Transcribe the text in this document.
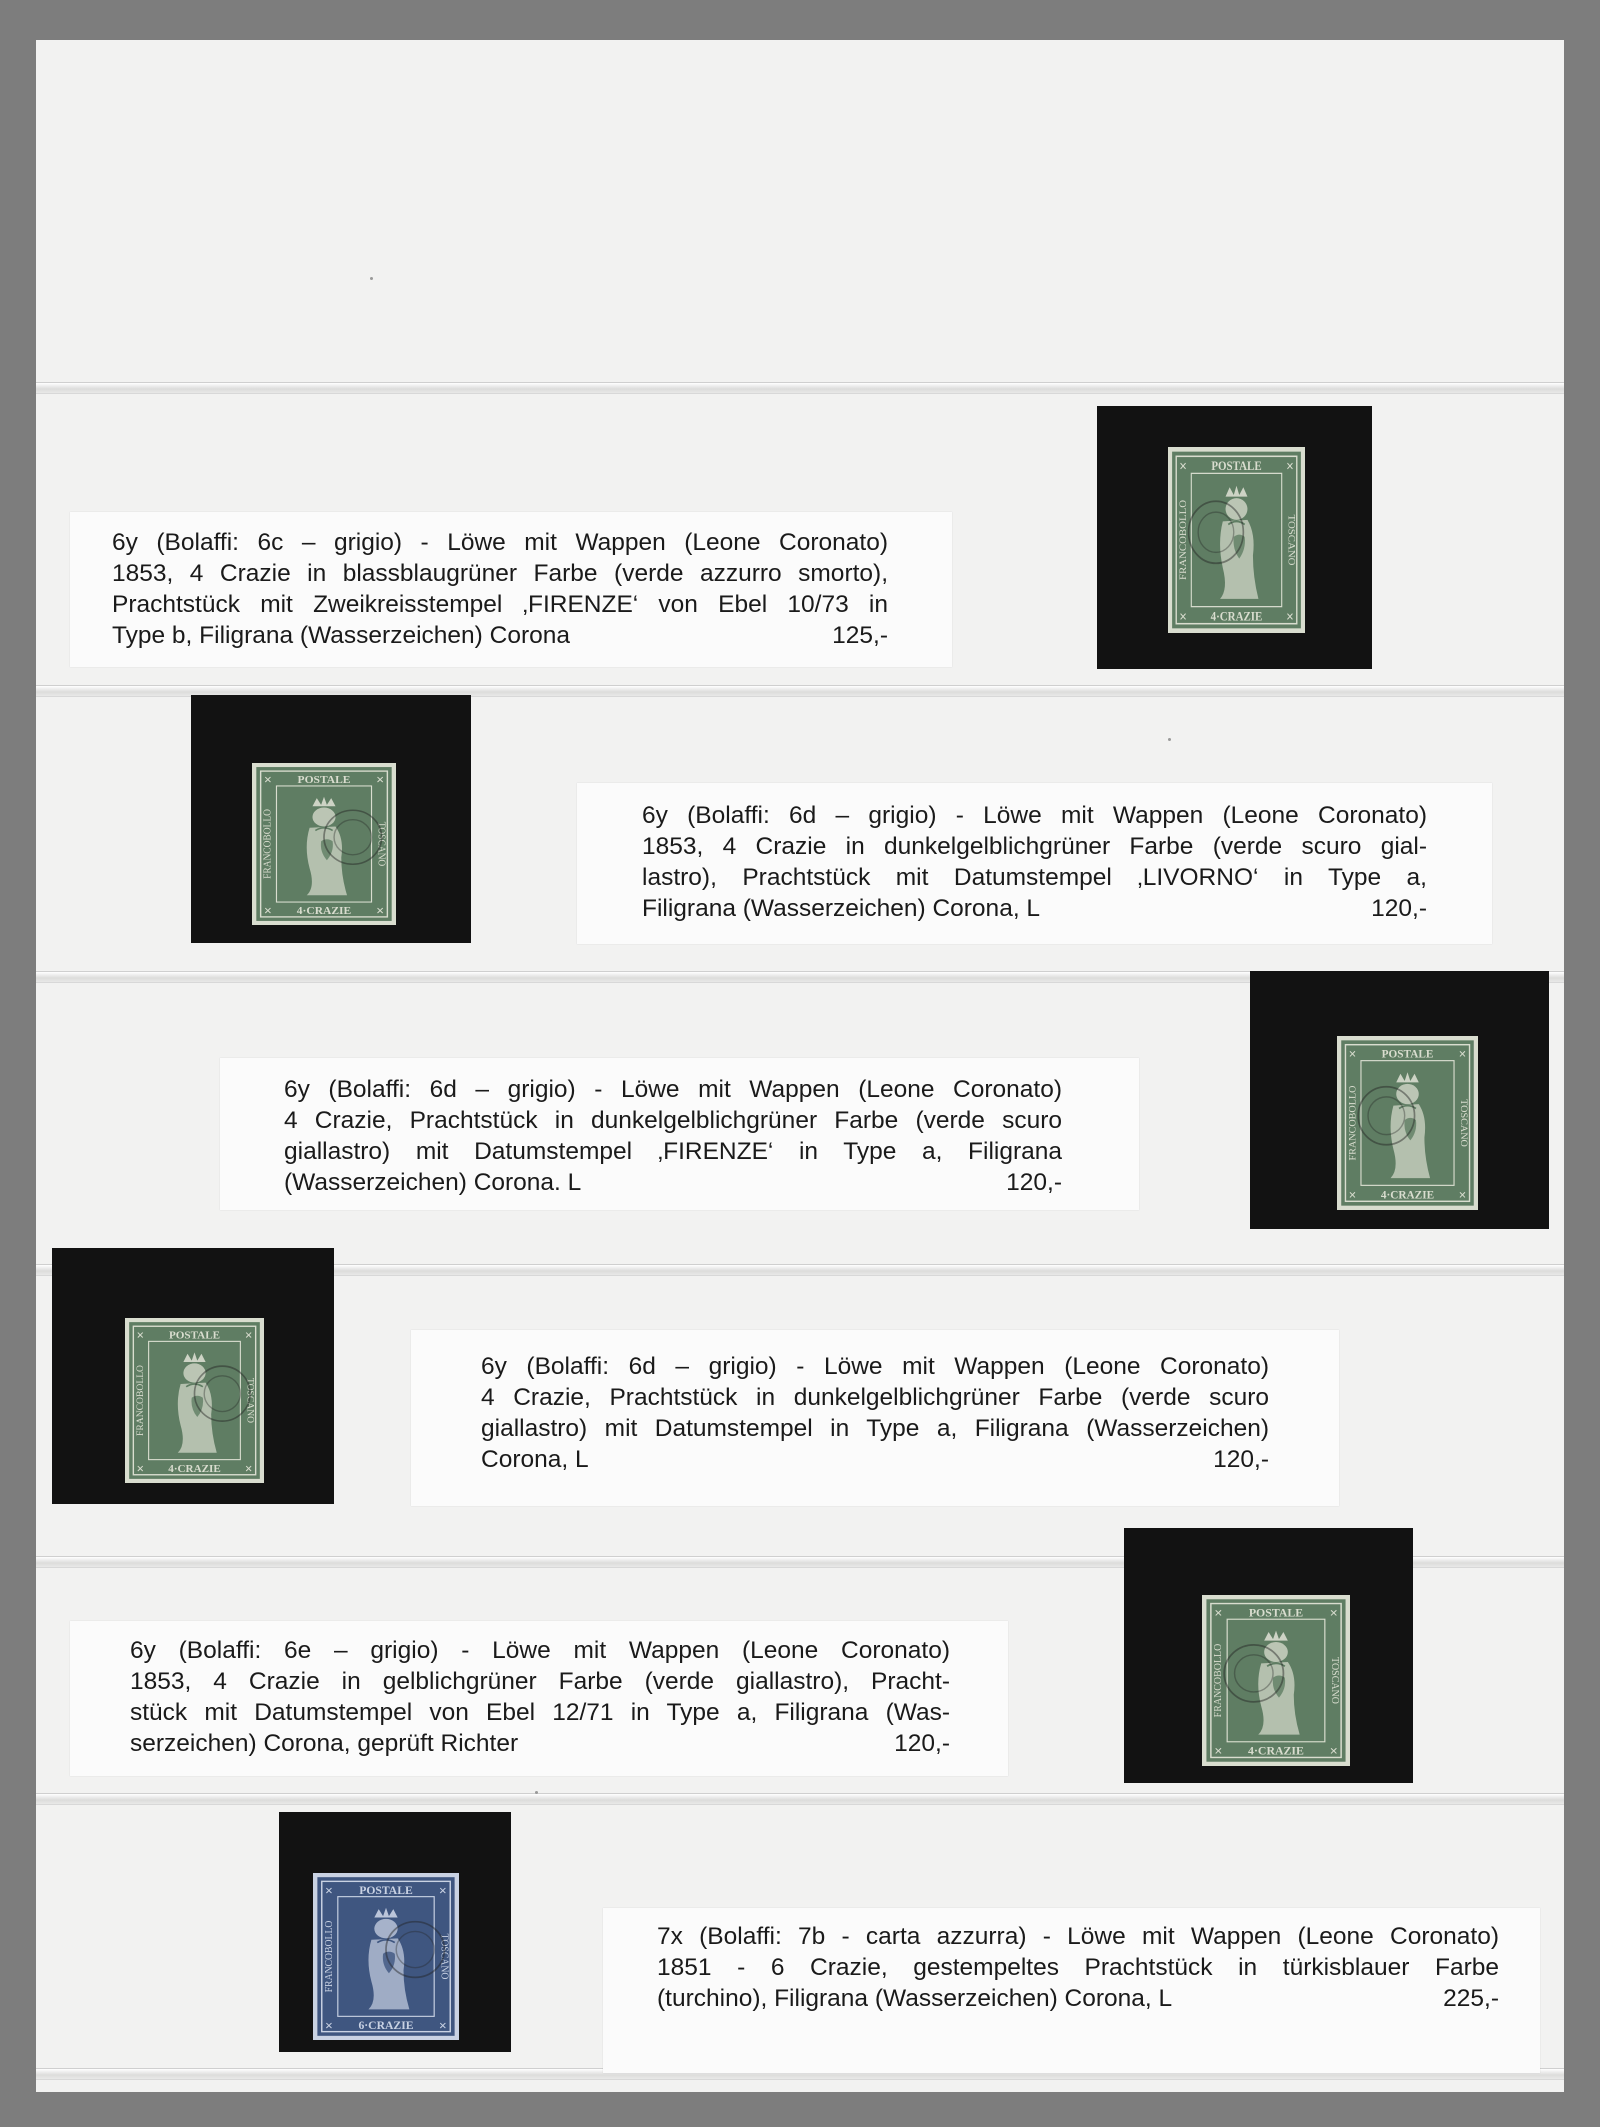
POSTALE
4·CRAZIE
FRANCOBOLLO	TOSCANO
✕	✕
✕	✕
6y (Bolaffi: 6c – grigio) - Löwe mit Wappen (Leone Coronato)
1853, 4 Crazie in blassblaugrüner Farbe (verde azzurro smorto),
Prachtstück mit Zweikreisstempel ‚FIRENZE‘ von Ebel 10/73 in
Type b, Filigrana (Wasserzeichen) Corona	125,-
POSTALE
4·CRAZIE
FRANCOBOLLO	TOSCANO
✕	✕
✕	✕
6y (Bolaffi: 6d – grigio) - Löwe mit Wappen (Leone Coronato)
1853, 4 Crazie in dunkelgelblichgrüner Farbe (verde scuro gial-
lastro), Prachtstück mit Datumstempel ‚LIVORNO‘ in Type a,
Filigrana (Wasserzeichen) Corona, L	120,-
POSTALE
4·CRAZIE
FRANCOBOLLO	TOSCANO
✕	✕
✕	✕
6y (Bolaffi: 6d – grigio) - Löwe mit Wappen (Leone Coronato)
4 Crazie, Prachtstück in dunkelgelblichgrüner Farbe (verde scuro
giallastro) mit Datumstempel ‚FIRENZE‘ in Type a, Filigrana
(Wasserzeichen) Corona. L	120,-
POSTALE
4·CRAZIE
FRANCOBOLLO	TOSCANO
✕	✕
✕	✕
6y (Bolaffi: 6d – grigio) - Löwe mit Wappen (Leone Coronato)
4 Crazie, Prachtstück in dunkelgelblichgrüner Farbe (verde scuro
giallastro) mit Datumstempel in Type a, Filigrana (Wasserzeichen)
Corona, L	120,-
POSTALE
4·CRAZIE
FRANCOBOLLO	TOSCANO
✕	✕
✕	✕
6y (Bolaffi: 6e – grigio) - Löwe mit Wappen (Leone Coronato)
1853, 4 Crazie in gelblichgrüner Farbe (verde giallastro), Pracht-
stück mit Datumstempel von Ebel 12/71 in Type a, Filigrana (Was-
serzeichen) Corona, geprüft Richter	120,-
POSTALE
6·CRAZIE
FRANCOBOLLO	TOSCANO
✕	✕
✕	✕
7x (Bolaffi: 7b - carta azzurra) - Löwe mit Wappen (Leone Coronato)
1851 - 6 Crazie, gestempeltes Prachtstück in türkisblauer Farbe
(turchino), Filigrana (Wasserzeichen) Corona, L	225,-
